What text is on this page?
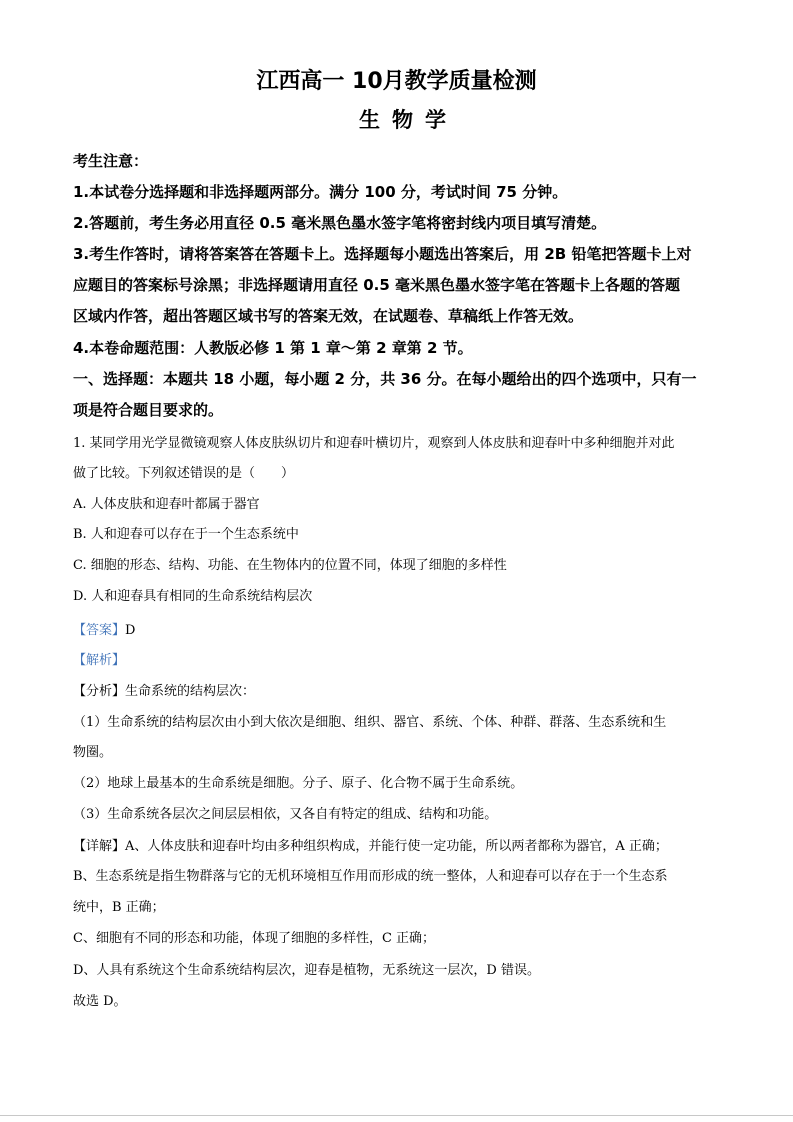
江西高一 10月教学质量检测
生物学
考生注意：
1.本试卷分选择题和非选择题两部分。满分 100 分，考试时间 75 分钟。
2.答题前，考生务必用直径 0.5 毫米黑色墨水签字笔将密封线内项目填写清楚。
3.考生作答时，请将答案答在答题卡上。选择题每小题选出答案后，用 2B 铅笔把答题卡上对
应题目的答案标号涂黑；非选择题请用直径 0.5 毫米黑色墨水签字笔在答题卡上各题的答题
区域内作答，超出答题区域书写的答案无效，在试题卷、草稿纸上作答无效。
4.本卷命题范围：人教版必修 1 第 1 章～第 2 章第 2 节。
一、选择题：本题共 18 小题，每小题 2 分，共 36 分。在每小题给出的四个选项中，只有一
项是符合题目要求的。
1. 某同学用光学显微镜观察人体皮肤纵切片和迎春叶横切片，观察到人体皮肤和迎春叶中多种细胞并对此
做了比较。下列叙述错误的是（　　）
A. 人体皮肤和迎春叶都属于器官
B. 人和迎春可以存在于一个生态系统中
C. 细胞的形态、结构、功能、在生物体内的位置不同，体现了细胞的多样性
D. 人和迎春具有相同的生命系统结构层次
【答案】D
【解析】
【分析】生命系统的结构层次：
（1）生命系统的结构层次由小到大依次是细胞、组织、器官、系统、个体、种群、群落、生态系统和生
物圈。
（2）地球上最基本的生命系统是细胞。分子、原子、化合物不属于生命系统。
（3）生命系统各层次之间层层相依，又各自有特定的组成、结构和功能。
【详解】A、人体皮肤和迎春叶均由多种组织构成，并能行使一定功能，所以两者都称为器官，A 正确；
B、生态系统是指生物群落与它的无机环境相互作用而形成的统一整体，人和迎春可以存在于一个生态系
统中，B 正确；
C、细胞有不同的形态和功能，体现了细胞的多样性，C 正确；
D、人具有系统这个生命系统结构层次，迎春是植物，无系统这一层次，D 错误。
故选 D。
